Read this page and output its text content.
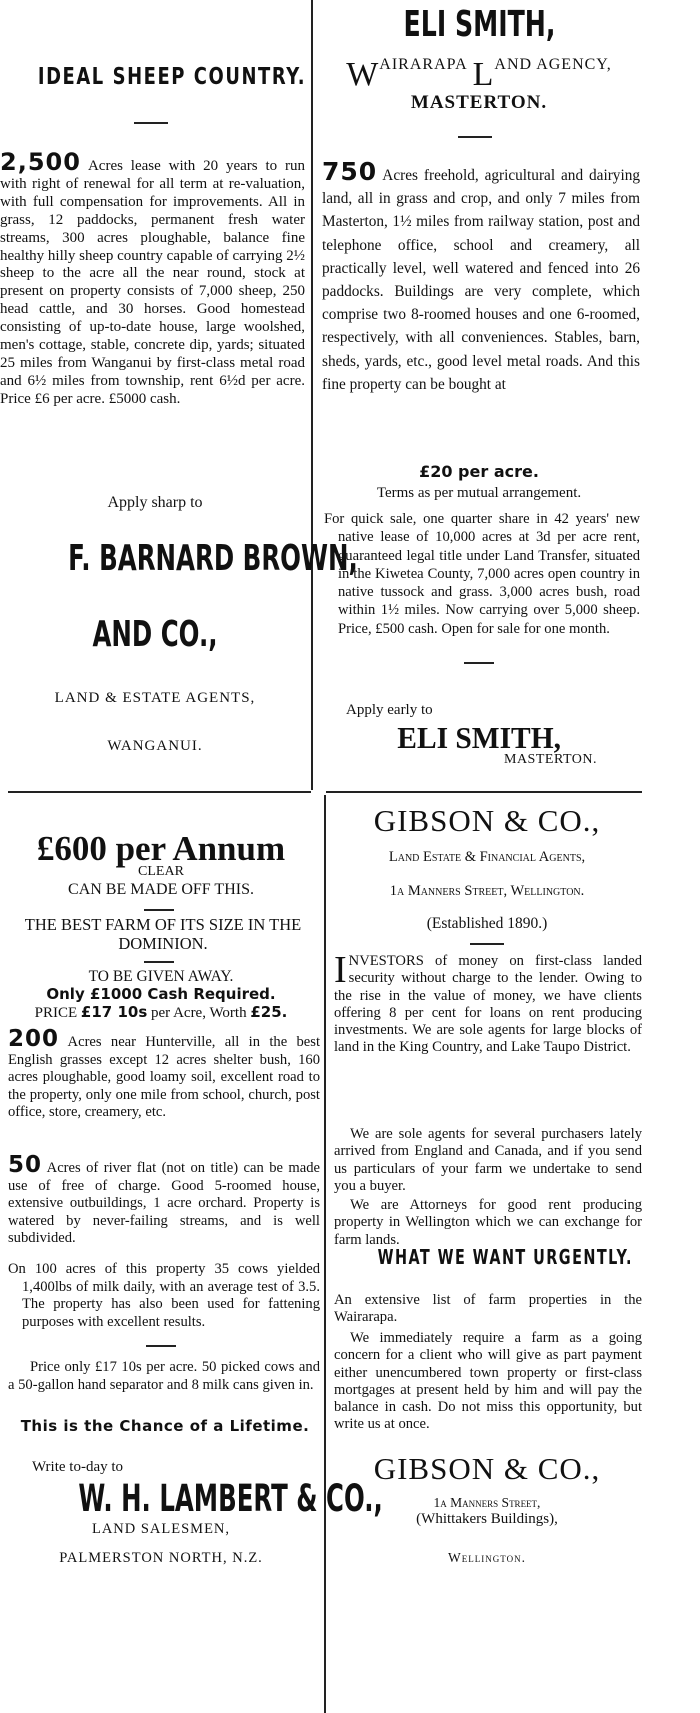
IDEAL SHEEP COUNTRY.
2,500 Acres lease with 20 years to run with right of renewal for all term at re-valuation, with full compensation for improvements. All in grass, 12 paddocks, permanent fresh water streams, 300 acres ploughable, balance fine healthy hilly sheep country capable of carrying 2½ sheep to the acre all the near round, stock at present on property consists of 7,000 sheep, 250 head cattle, and 30 horses. Good homestead consisting of up-to-date house, large woolshed, men's cottage, stable, concrete dip, yards; situated 25 miles from Wanganui by first-class metal road and 6½ miles from township, rent 6½d per acre. Price £6 per acre. £5000 cash.
Apply sharp to
F. BARNARD BROWN,
AND CO.,
LAND & ESTATE AGENTS,
WANGANUI.
ELI SMITH,
WAIRARAPA LAND AGENCY,
MASTERTON.
750 Acres freehold, agricultural and dairying land, all in grass and crop, and only 7 miles from Masterton, 1½ miles from railway station, post and telephone office, school and creamery, all practically level, well watered and fenced into 26 paddocks. Buildings are very complete, which comprise two 8-roomed houses and one 6-roomed, respectively, with all conveniences. Stables, barn, sheds, yards, etc., good level metal roads. And this fine property can be bought at
£20 per acre.
Terms as per mutual arrangement.
For quick sale, one quarter share in 42 years' new native lease of 10,000 acres at 3d per acre rent, guaranteed legal title under Land Transfer, situated in the Kiwetea County, 7,000 acres open country in native tussock and grass. 3,000 acres bush, road within 1½ miles. Now carrying over 5,000 sheep. Price, £500 cash. Open for sale for one month.
Apply early to
ELI SMITH,
MASTERTON.
£600 per Annum
CLEAR
CAN BE MADE OFF THIS.
THE BEST FARM OF ITS SIZE IN THE DOMINION.
TO BE GIVEN AWAY.
Only £1000 Cash Required.
PRICE £17 10s per Acre, Worth £25.
200 Acres near Hunterville, all in the best English grasses except 12 acres shelter bush, 160 acres ploughable, good loamy soil, excellent road to the property, only one mile from school, church, post office, store, creamery, etc.
50 Acres of river flat (not on title) can be made use of free of charge. Good 5-roomed house, extensive outbuildings, 1 acre orchard. Property is watered by never-failing streams, and is well subdivided.
On 100 acres of this property 35 cows yielded 1,400lbs of milk daily, with an average test of 3.5. The property has also been used for fattening purposes with excellent results.
Price only £17 10s per acre. 50 picked cows and a 50-gallon hand separator and 8 milk cans given in.
This is the Chance of a Lifetime.
Write to-day to
W. H. LAMBERT & CO.,
LAND SALESMEN,
PALMERSTON NORTH, N.Z.
GIBSON & CO.,
Land Estate & Financial Agents,
1a Manners Street, Wellington.
(Established 1890.)
INVESTORS of money on first-class landed security without charge to the lender. Owing to the rise in the value of money, we have clients offering 8 per cent for loans on rent producing investments. We are sole agents for large blocks of land in the King Country, and Lake Taupo District.
We are sole agents for several purchasers lately arrived from England and Canada, and if you send us particulars of your farm we undertake to send you a buyer.
We are Attorneys for good rent producing property in Wellington which we can exchange for farm lands.
WHAT WE WANT URGENTLY.
An extensive list of farm properties in the Wairarapa.
We immediately require a farm as a going concern for a client who will give as part payment either unencumbered town property or first-class mortgages at present held by him and will pay the balance in cash. Do not miss this opportunity, but write us at once.
GIBSON & CO.,
1a Manners Street,
(Whittakers Buildings),
Wellington.
